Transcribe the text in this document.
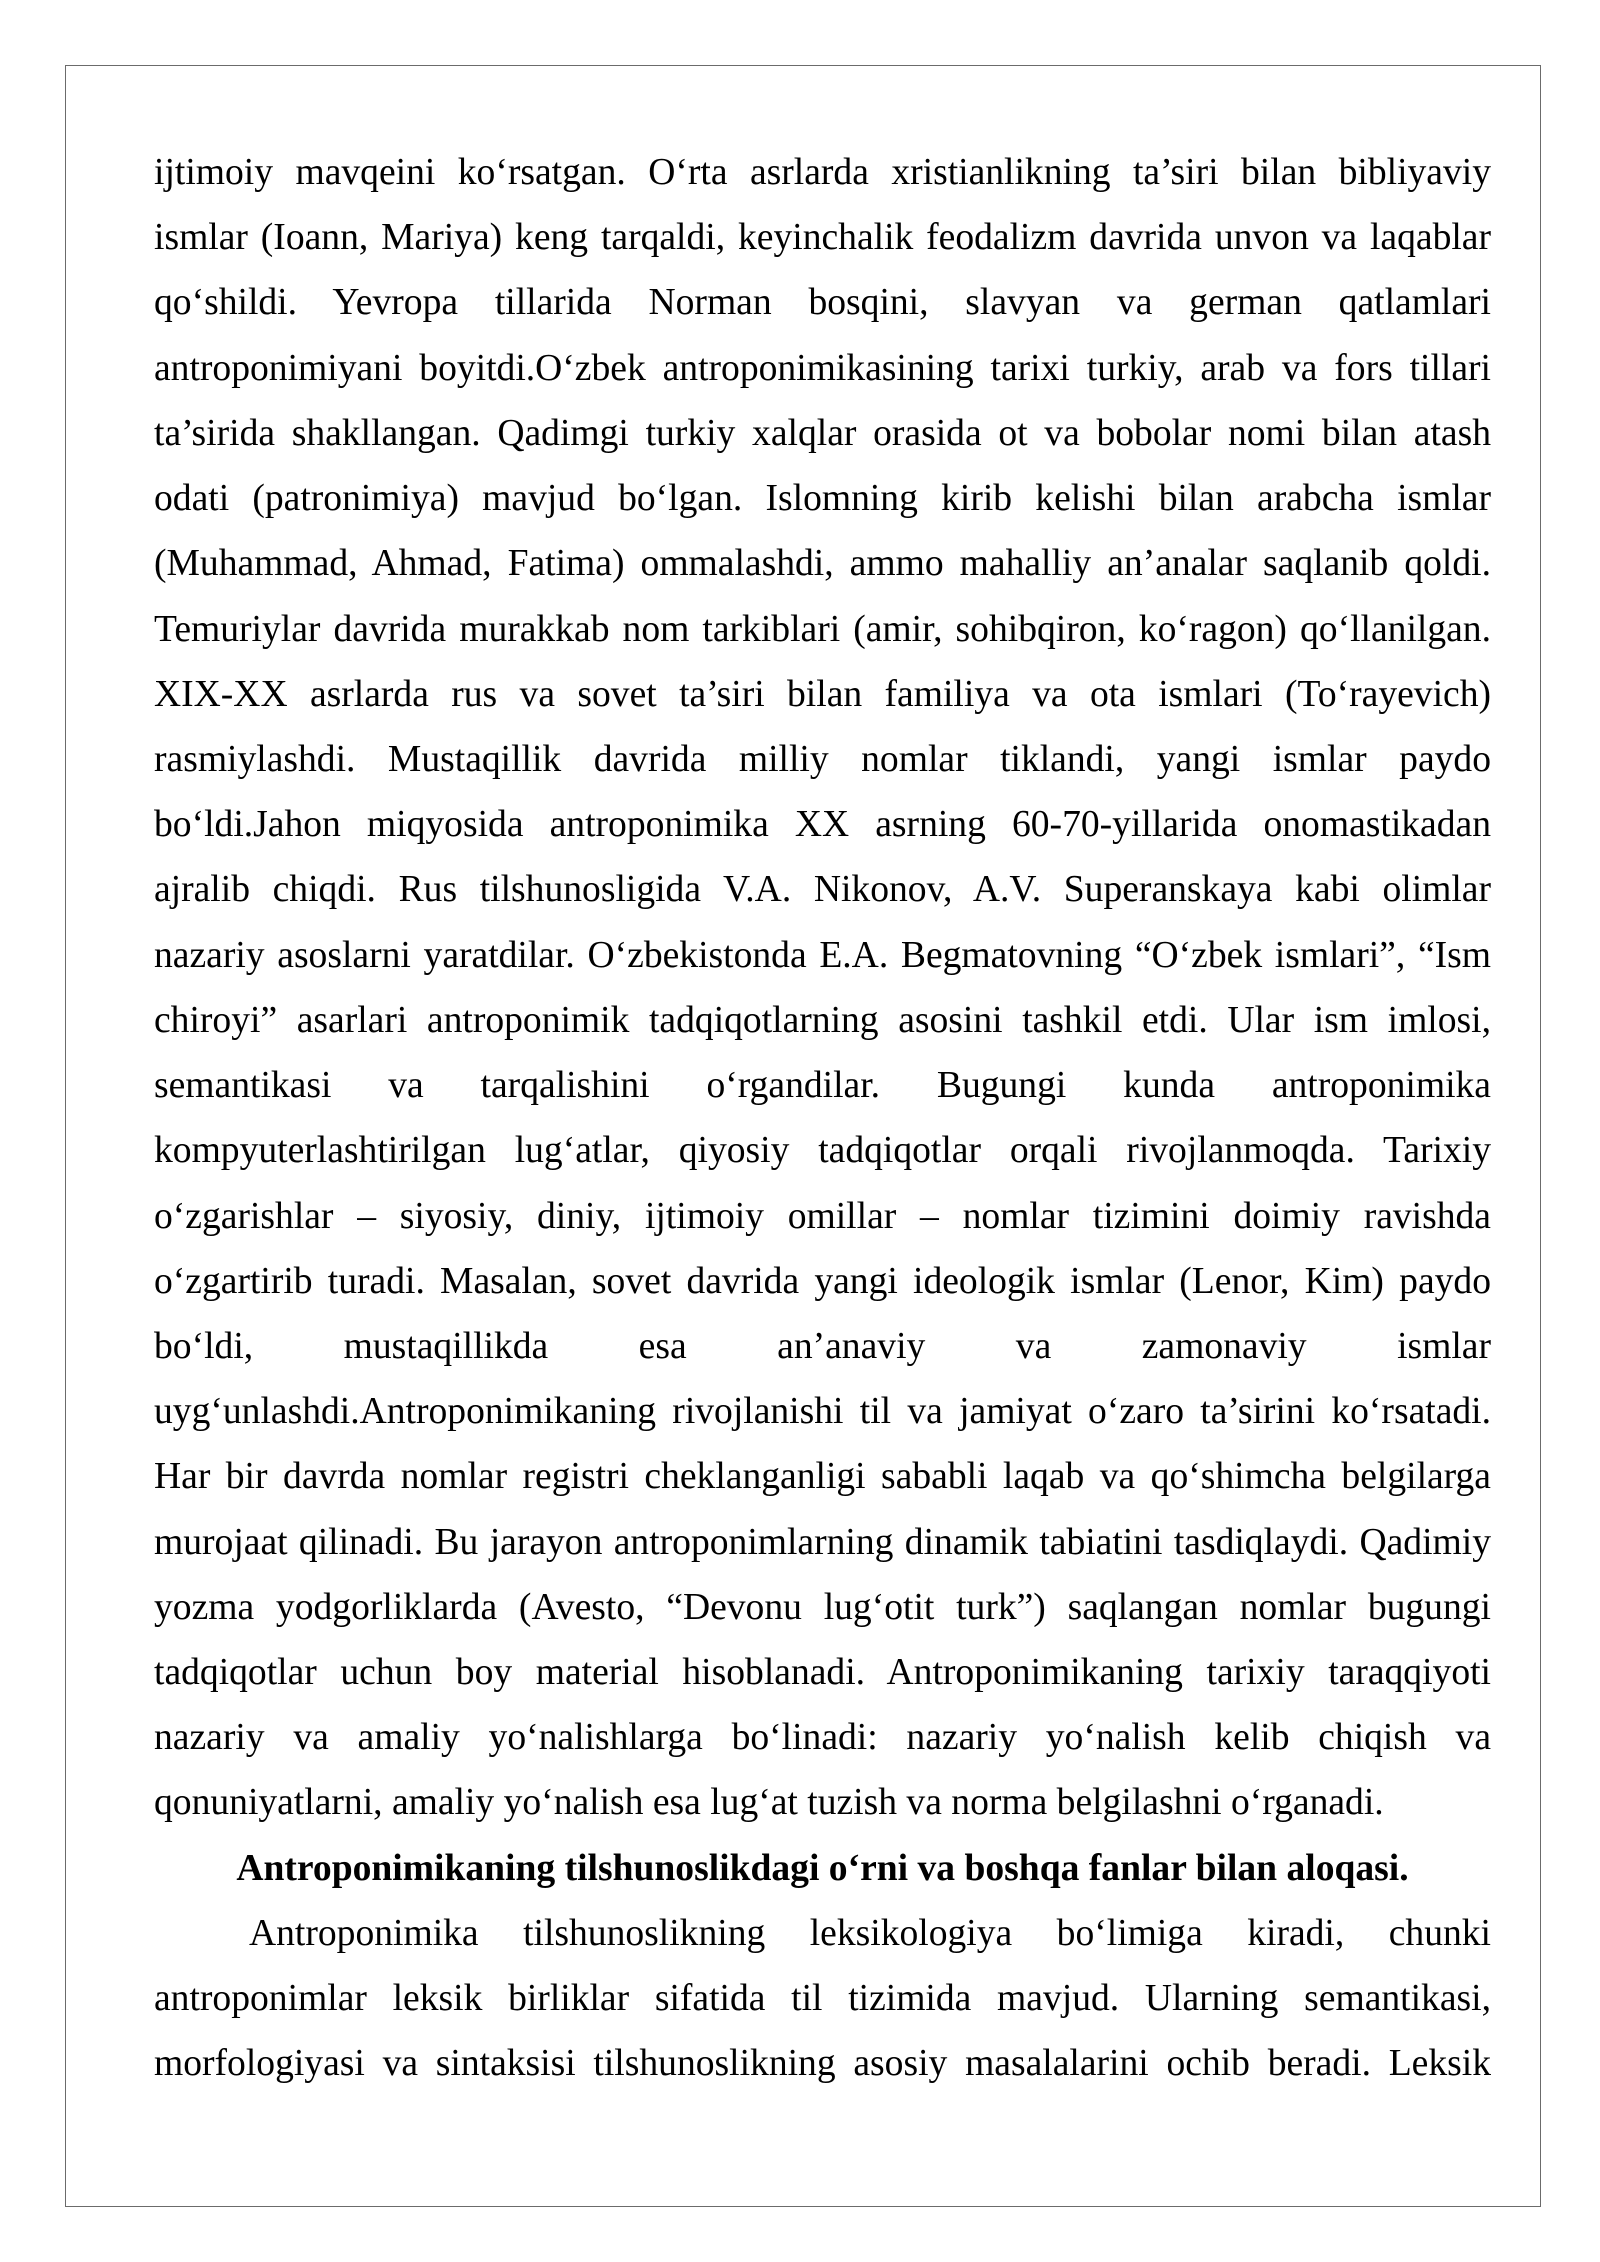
ijtimoiy mavqeini ko‘rsatgan. O‘rta asrlarda xristianlikning ta’siri bilan bibliyaviy
ismlar (Ioann, Mariya) keng tarqaldi, keyinchalik feodalizm davrida unvon va laqablar
qo‘shildi. Yevropa tillarida Norman bosqini, slavyan va german qatlamlari
antroponimiyani boyitdi.O‘zbek antroponimikasining tarixi turkiy, arab va fors tillari
ta’sirida shakllangan. Qadimgi turkiy xalqlar orasida ot va bobolar nomi bilan atash
odati (patronimiya) mavjud bo‘lgan. Islomning kirib kelishi bilan arabcha ismlar
(Muhammad, Ahmad, Fatima) ommalashdi, ammo mahalliy an’analar saqlanib qoldi.
Temuriylar davrida murakkab nom tarkiblari (amir, sohibqiron, ko‘ragon) qo‘llanilgan.
XIX-XX asrlarda rus va sovet ta’siri bilan familiya va ota ismlari (To‘rayevich)
rasmiylashdi. Mustaqillik davrida milliy nomlar tiklandi, yangi ismlar paydo
bo‘ldi.Jahon miqyosida antroponimika XX asrning 60-70-yillarida onomastikadan
ajralib chiqdi. Rus tilshunosligida V.A. Nikonov, A.V. Superanskaya kabi olimlar
nazariy asoslarni yaratdilar. O‘zbekistonda E.A. Begmatovning “O‘zbek ismlari”, “Ism
chiroyi” asarlari antroponimik tadqiqotlarning asosini tashkil etdi. Ular ism imlosi,
semantikasi va tarqalishini o‘rgandilar. Bugungi kunda antroponimika
kompyuterlashtirilgan lug‘atlar, qiyosiy tadqiqotlar orqali rivojlanmoqda. Tarixiy
o‘zgarishlar – siyosiy, diniy, ijtimoiy omillar – nomlar tizimini doimiy ravishda
o‘zgartirib turadi. Masalan, sovet davrida yangi ideologik ismlar (Lenor, Kim) paydo
bo‘ldi, mustaqillikda esa an’anaviy va zamonaviy ismlar
uyg‘unlashdi.Antroponimikaning rivojlanishi til va jamiyat o‘zaro ta’sirini ko‘rsatadi.
Har bir davrda nomlar registri cheklanganligi sababli laqab va qo‘shimcha belgilarga
murojaat qilinadi. Bu jarayon antroponimlarning dinamik tabiatini tasdiqlaydi. Qadimiy
yozma yodgorliklarda (Avesto, “Devonu lug‘otit turk”) saqlangan nomlar bugungi
tadqiqotlar uchun boy material hisoblanadi. Antroponimikaning tarixiy taraqqiyoti
nazariy va amaliy yo‘nalishlarga bo‘linadi: nazariy yo‘nalish kelib chiqish va
qonuniyatlarni, amaliy yo‘nalish esa lug‘at tuzish va norma belgilashni o‘rganadi.
Antroponimikaning tilshunoslikdagi o‘rni va boshqa fanlar bilan aloqasi.
Antroponimika tilshunoslikning leksikologiya bo‘limiga kiradi, chunki
antroponimlar leksik birliklar sifatida til tizimida mavjud. Ularning semantikasi,
morfologiyasi va sintaksisi tilshunoslikning asosiy masalalarini ochib beradi. Leksik
